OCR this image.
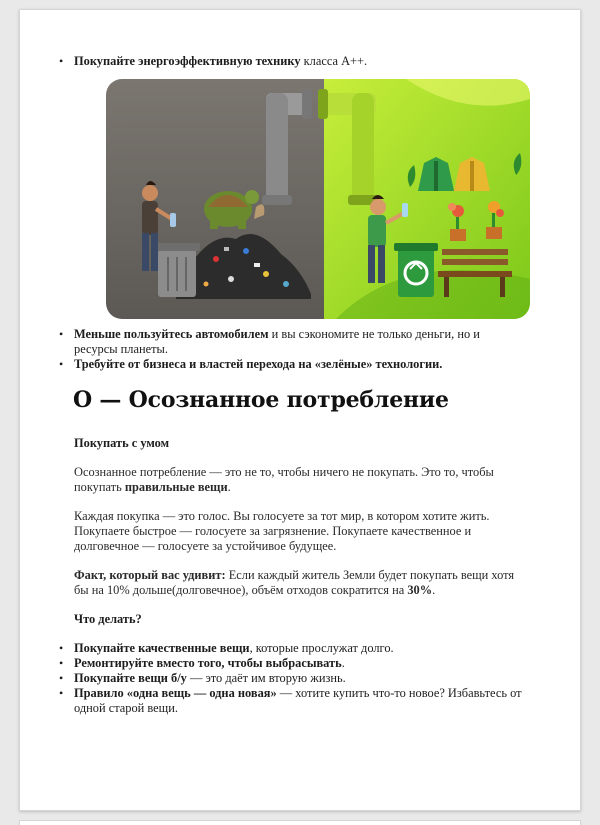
• Покупайте энергоэффективную технику класса А++.
• Меньше пользуйтесь автомобилем и вы сэкономите не только деньги, но и ресурсы планеты.
• Требуйте от бизнеса и властей перехода на «зелёные» технологии.
О — Осознанное потребление

Покупать с умом

Осознанное потребление — это не то, чтобы ничего не покупать. Это то, чтобы покупать правильные вещи.

Каждая покупка — это голос. Вы голосуете за тот мир, в котором хотите жить. Покупаете быстрое — голосуете за загрязнение. Покупаете качественное и долговечное — голосуете за устойчивое будущее.

Факт, который вас удивит: Если каждый житель Земли будет покупать вещи хотя бы на 10% дольше(долговечное), объём отходов сократится на 30%.

Что делать?

• Покупайте качественные вещи, которые прослужат долго.
• Ремонтируйте вместо того, чтобы выбрасывать.
• Покупайте вещи б/у — это даёт им вторую жизнь.
• Правило «одна вещь — одна новая» — хотите купить что-то новое? Избавьтесь от одной старой вещи.
